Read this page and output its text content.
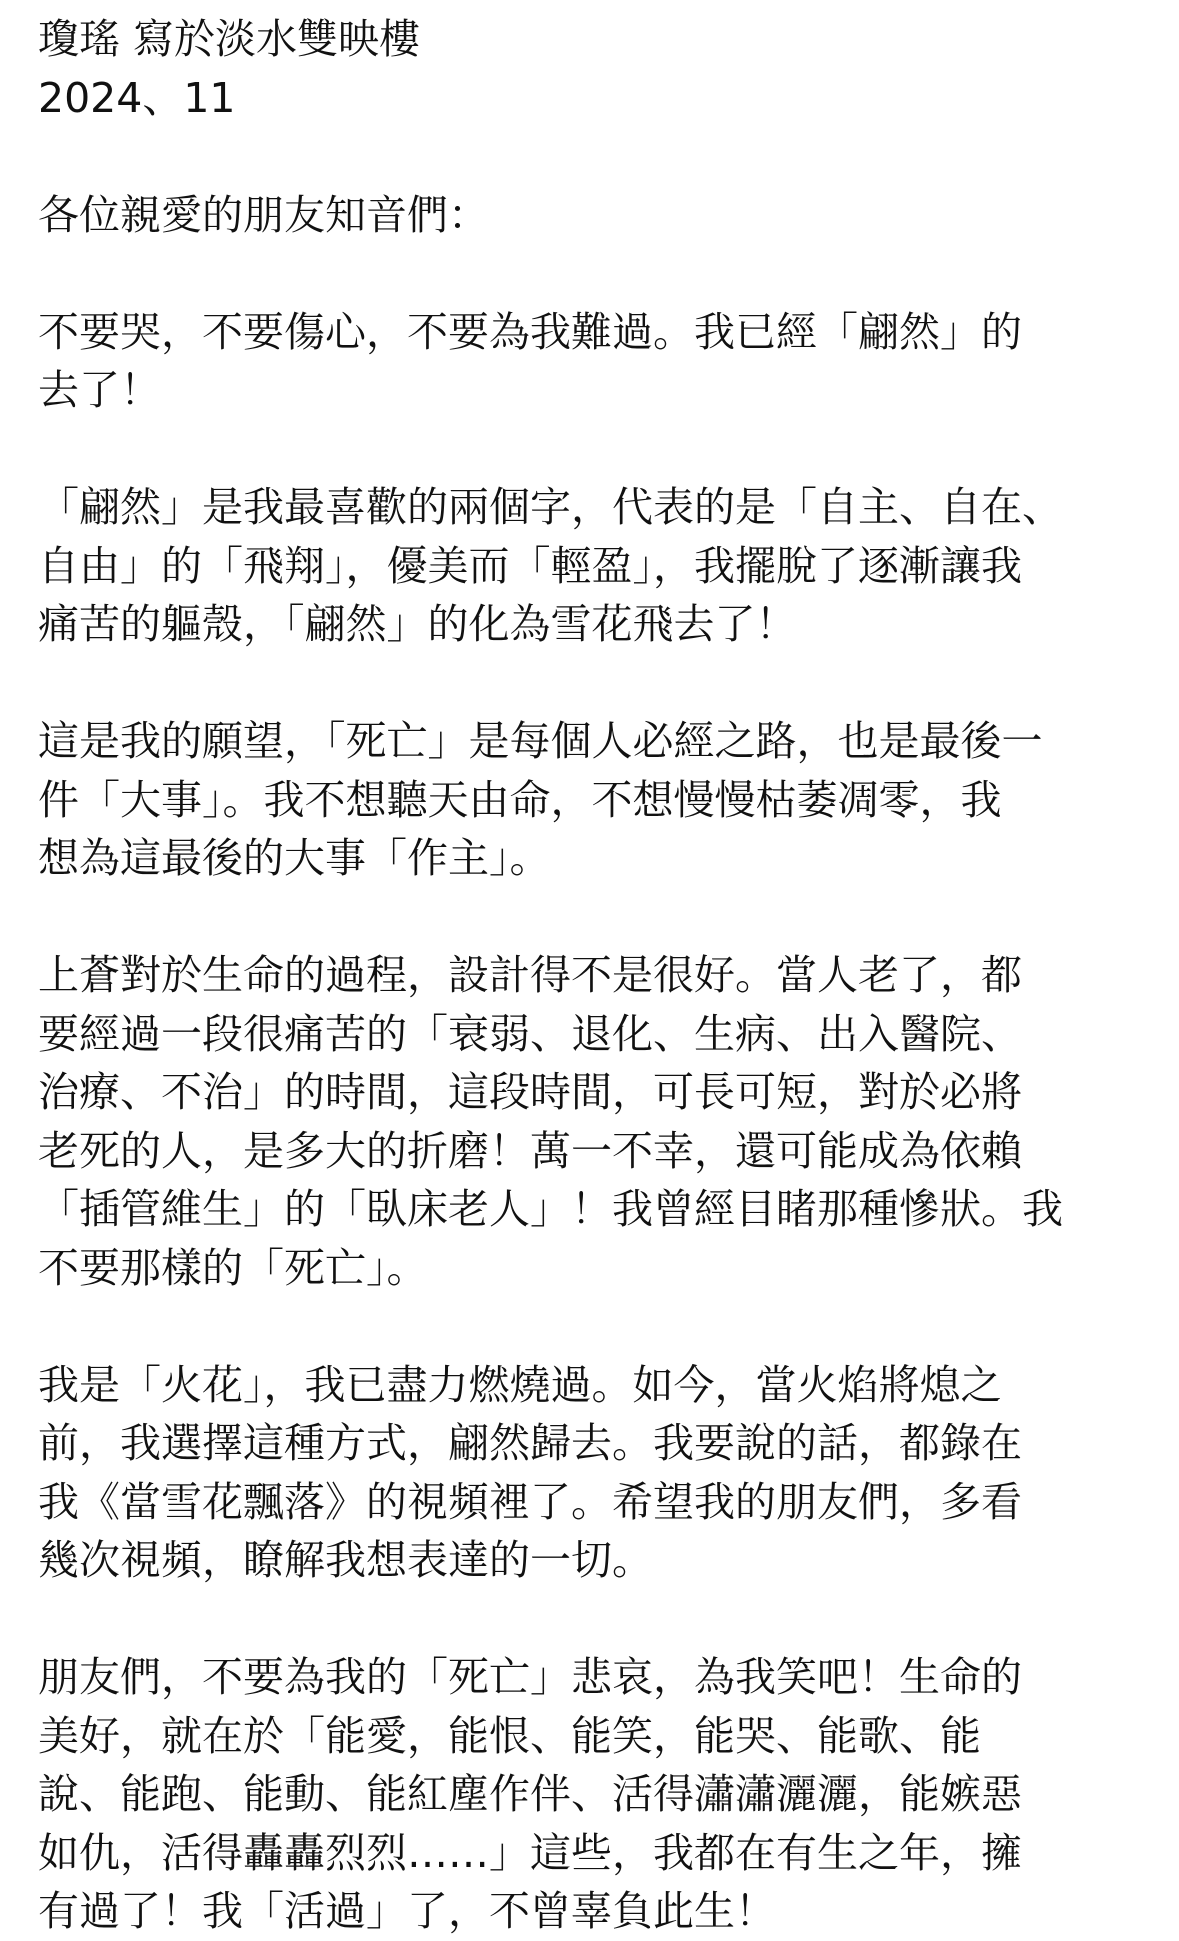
瓊瑤 寫於淡水雙映樓
2024、11
各位親愛的朋友知音們：
不要哭，不要傷心，不要為我難過。我已經「翩然」的
去了！
「翩然」是我最喜歡的兩個字，代表的是「自主、自在、
自由」的「飛翔」，優美而「輕盈」，我擺脫了逐漸讓我
痛苦的軀殼，「翩然」的化為雪花飛去了！
這是我的願望，「死亡」是每個人必經之路，也是最後一
件「大事」。我不想聽天由命，不想慢慢枯萎凋零，我
想為這最後的大事「作主」。
上蒼對於生命的過程，設計得不是很好。當人老了，都
要經過一段很痛苦的「衰弱、退化、生病、出入醫院、
治療、不治」的時間，這段時間，可長可短，對於必將
老死的人，是多大的折磨！萬一不幸，還可能成為依賴
「插管維生」的「臥床老人」！我曾經目睹那種慘狀。我
不要那樣的「死亡」。
我是「火花」，我已盡力燃燒過。如今，當火焰將熄之
前，我選擇這種方式，翩然歸去。我要說的話，都錄在
我《當雪花飄落》的視頻裡了。希望我的朋友們，多看
幾次視頻，瞭解我想表達的一切。
朋友們，不要為我的「死亡」悲哀，為我笑吧！生命的
美好，就在於「能愛，能恨、能笑，能哭、能歌、能
說、能跑、能動、能紅塵作伴、活得瀟瀟灑灑，能嫉惡
如仇，活得轟轟烈烈……」這些，我都在有生之年，擁
有過了！我「活過」了，不曾辜負此生！
